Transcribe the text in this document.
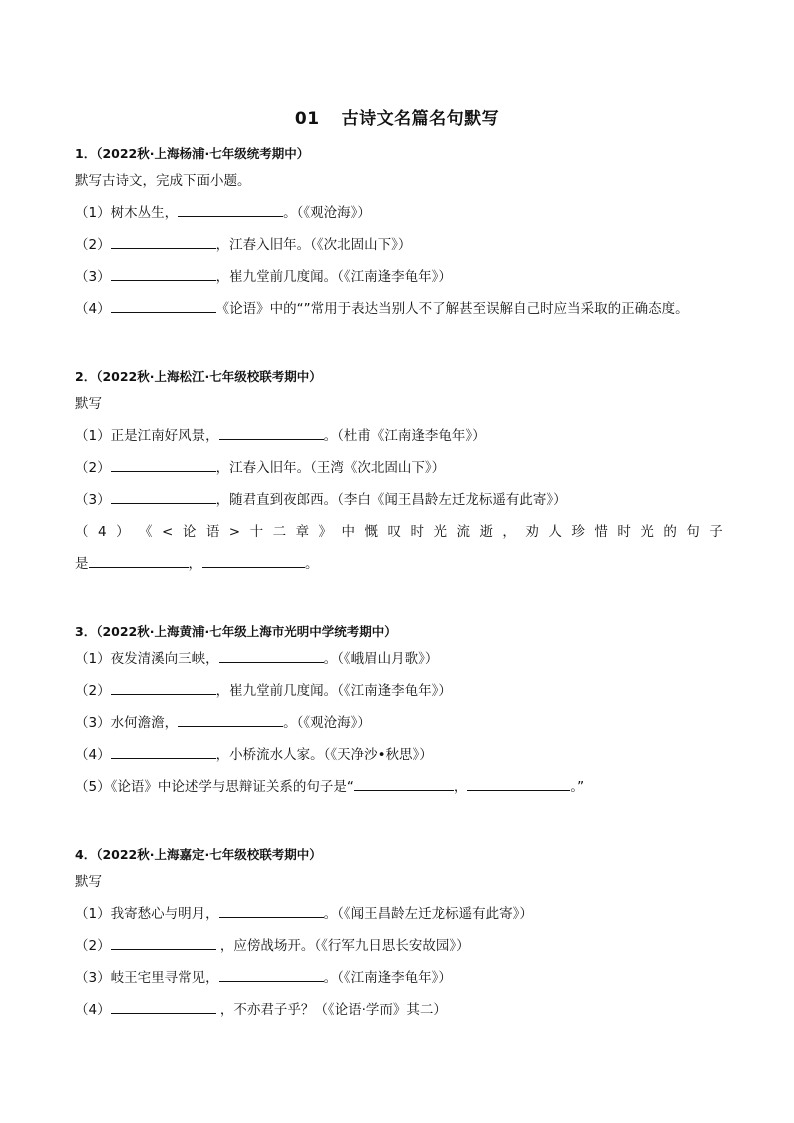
01 古诗文名篇名句默写
1．（2022秋·上海杨浦·七年级统考期中）
默写古诗文，完成下面小题。
（1）树木丛生，	。（《观沧海》）
（2）	，江春入旧年。（《次北固山下》）
（3）	，崔九堂前几度闻。（《江南逢李龟年》）
（4）	《论语》中的“”常用于表达当别人不了解甚至误解自己时应当采取的正确态度。
2．（2022秋·上海松江·七年级校联考期中）
默写
（1）正是江南好风景，	。（杜甫《江南逢李龟年》）
（2）	，江春入旧年。（王湾《次北固山下》）
（3）	，随君直到夜郎西。（李白《闻王昌龄左迁龙标遥有此寄》）
（ 4 ） 《 < 论 语 > 十 二 章 》 中 慨 叹 时 光 流 逝 ， 劝 人 珍 惜 时 光 的 句 子
是	，	。
3．（2022秋·上海黄浦·七年级上海市光明中学统考期中）
（1）夜发清溪向三峡，	。（《峨眉山月歌》）
（2）	，崔九堂前几度闻。（《江南逢李龟年》）
（3）水何澹澹，	。（《观沧海》）
（4）	，小桥流水人家。（《天净沙•秋思》）
（5）《论语》中论述学与思辩证关系的句子是“	，	。”
4．（2022秋·上海嘉定·七年级校联考期中）
默写
（1）我寄愁心与明月，	。（《闻王昌龄左迁龙标遥有此寄》）
（2）	，应傍战场开。（《行军九日思长安故园》）
（3）岐王宅里寻常见，	。（《江南逢李龟年》）
（4）	，不亦君子乎？（《论语·学而》其二）
